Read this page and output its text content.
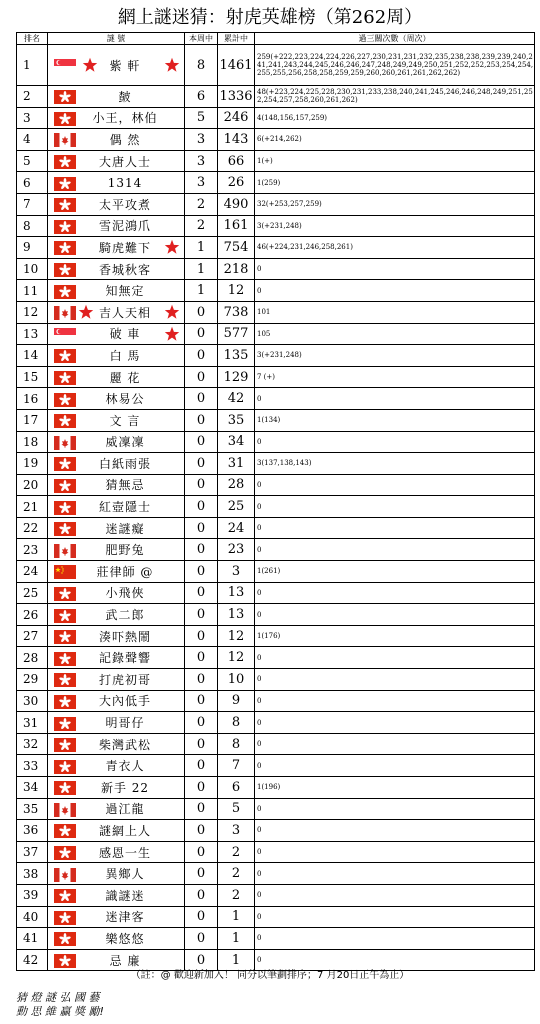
網上謎迷猜：射虎英雄榜（第262周）
排名	謎 號	本周中	累計中	過三關次數（周次）
1	紫 軒	8	1461	259(+222,223,224,224,226,227,230,231,231,232,235,238,238,239,239,240,241,241,243,244,245,246,246,247,248,249,249,250,251,252,252,253,254,254,255,255,256,258,258,259,259,260,260,261,261,262,262)
2	皶	6	1336	48(+223,224,225,228,230,231,233,238,240,241,245,246,246,248,249,251,252,254,257,258,260,261,262)
3	小王，林伯	5	246	4(148,156,157,259)
4	偶 然	3	143	6(+214,262)
5	大唐人士	3	66	1(+)
6	1314	3	26	1(259)
7	太平攻煮	2	490	32(+253,257,259)
8	雪泥鴻爪	2	161	3(+231,248)
9	騎虎難下	1	754	46(+224,231,246,258,261)
10	香城秋客	1	218	0
11	知無定	1	12	0
12	吉人天相	0	738	101
13	破 車	0	577	105
14	白 馬	0	135	3(+231,248)
15	麗 花	0	129	7 (+)
16	林易公	0	42	0
17	文 言	0	35	1(134)
18	威凜凜	0	34	0
19	白紙雨張	0	31	3(137,138,143)
20	猜無忌	0	28	0
21	紅壺隱士	0	25	0
22	迷謎癡	0	24	0
23	肥野兔	0	23	0
24	莊律師 @	0	3	1(261)
25	小飛俠	0	13	0
26	武二郎	0	13	0
27	湊吓熱鬧	0	12	1(176)
28	記錄聲響	0	12	0
29	打虎初哥	0	10	0
30	大內低手	0	9	0
31	明哥仔	0	8	0
32	柴灣武松	0	8	0
33	青衣人	0	7	0
34	新手 22	0	6	1(196)
35	過江龍	0	5	0
36	謎網上人	0	3	0
37	感恩一生	0	2	0
38	異鄉人	0	2	0
39	識謎迷	0	2	0
40	迷津客	0	1	0
41	樂悠悠	0	1	0
42	忌 廉	0	1	0
（註：@ 歡迎新加入！ 同分以筆劃排序；7 月20日正午為止）
猜 燈 謎 弘 國 藝
動 思 維 贏 獎 勵!
